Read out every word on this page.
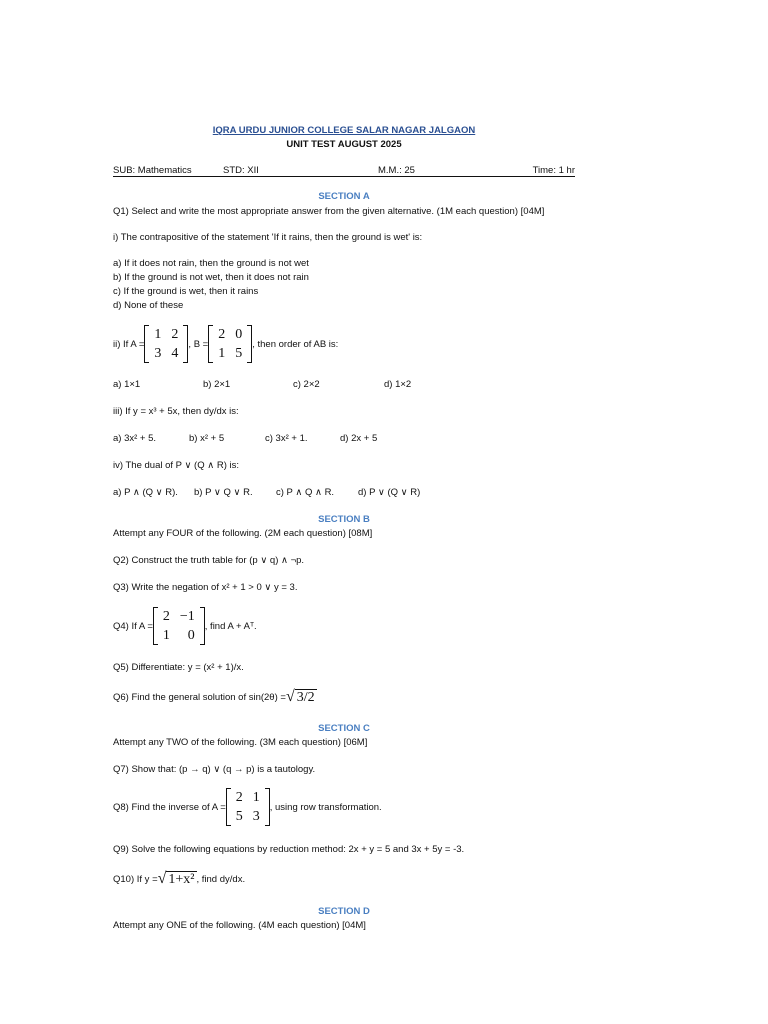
IQRA URDU JUNIOR COLLEGE SALAR NAGAR JALGAON
UNIT TEST AUGUST 2025
SUB: Mathematics	STD: XII	M.M.: 25	Time: 1 hr
SECTION A
Q1) Select and write the most appropriate answer from the given alternative. (1M each question) [04M]
i) The contrapositive of the statement 'If it rains, then the ground is wet' is:
a) If it does not rain, then the ground is not wet
b) If the ground is not wet, then it does not rain
c) If the ground is wet, then it rains
d) None of these
ii) If A =
1	2
3	4
, B =
2	0
1	5
, then order of AB is:
a) 1×1	b) 2×1	c) 2×2	d) 1×2
iii) If y = x³ + 5x, then dy/dx is:
a) 3x² + 5.	b) x² + 5	c) 3x² + 1.	d) 2x + 5
iv) The dual of P ∨ (Q ∧ R) is:
a) P ∧ (Q ∨ R). b) P ∨ Q ∨ R. c) P ∧ Q ∧ R.	d) P ∨ (Q ∨ R)
SECTION B
Attempt any FOUR of the following. (2M each question) [08M]
Q2) Construct the truth table for (p ∨ q) ∧ ¬p.
Q3) Write the negation of x² + 1 > 0 ∨ y = 3.
Q4) If A =
2	−1
1	0
, find A + Aᵀ.
Q5) Differentiate: y = (x² + 1)/x.
Q6) Find the general solution of sin(2θ) = √ 3/2
SECTION C
Attempt any TWO of the following. (3M each question) [06M]
Q7) Show that: (p → q) ∨ (q → p) is a tautology.
Q8) Find the inverse of A =
2	1
5	3
, using row transformation.
Q9) Solve the following equations by reduction method: 2x + y = 5 and 3x + 5y = -3.
Q10) If y = √ 1+x² , find dy/dx.
SECTION D
Attempt any ONE of the following. (4M each question) [04M]
